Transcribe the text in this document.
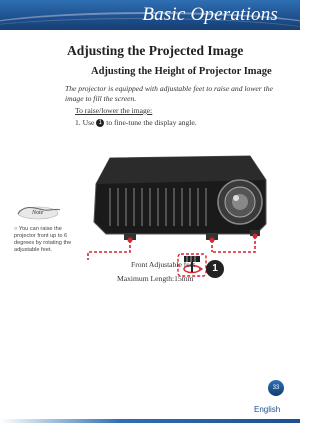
Basic Operations
Adjusting the Projected Image
Adjusting the Height of Projector Image
The projector is equipped with adjustable feet to raise and lower the image to fill the screen.
To raise/lower the image:
1. Use 1 to fine-tune the display angle.
Note
○ You can raise the projector front up to 6 degrees by rotating the adjustable feet.
Front Adjustable feet
Maximum Length:15mm
1
33
English
